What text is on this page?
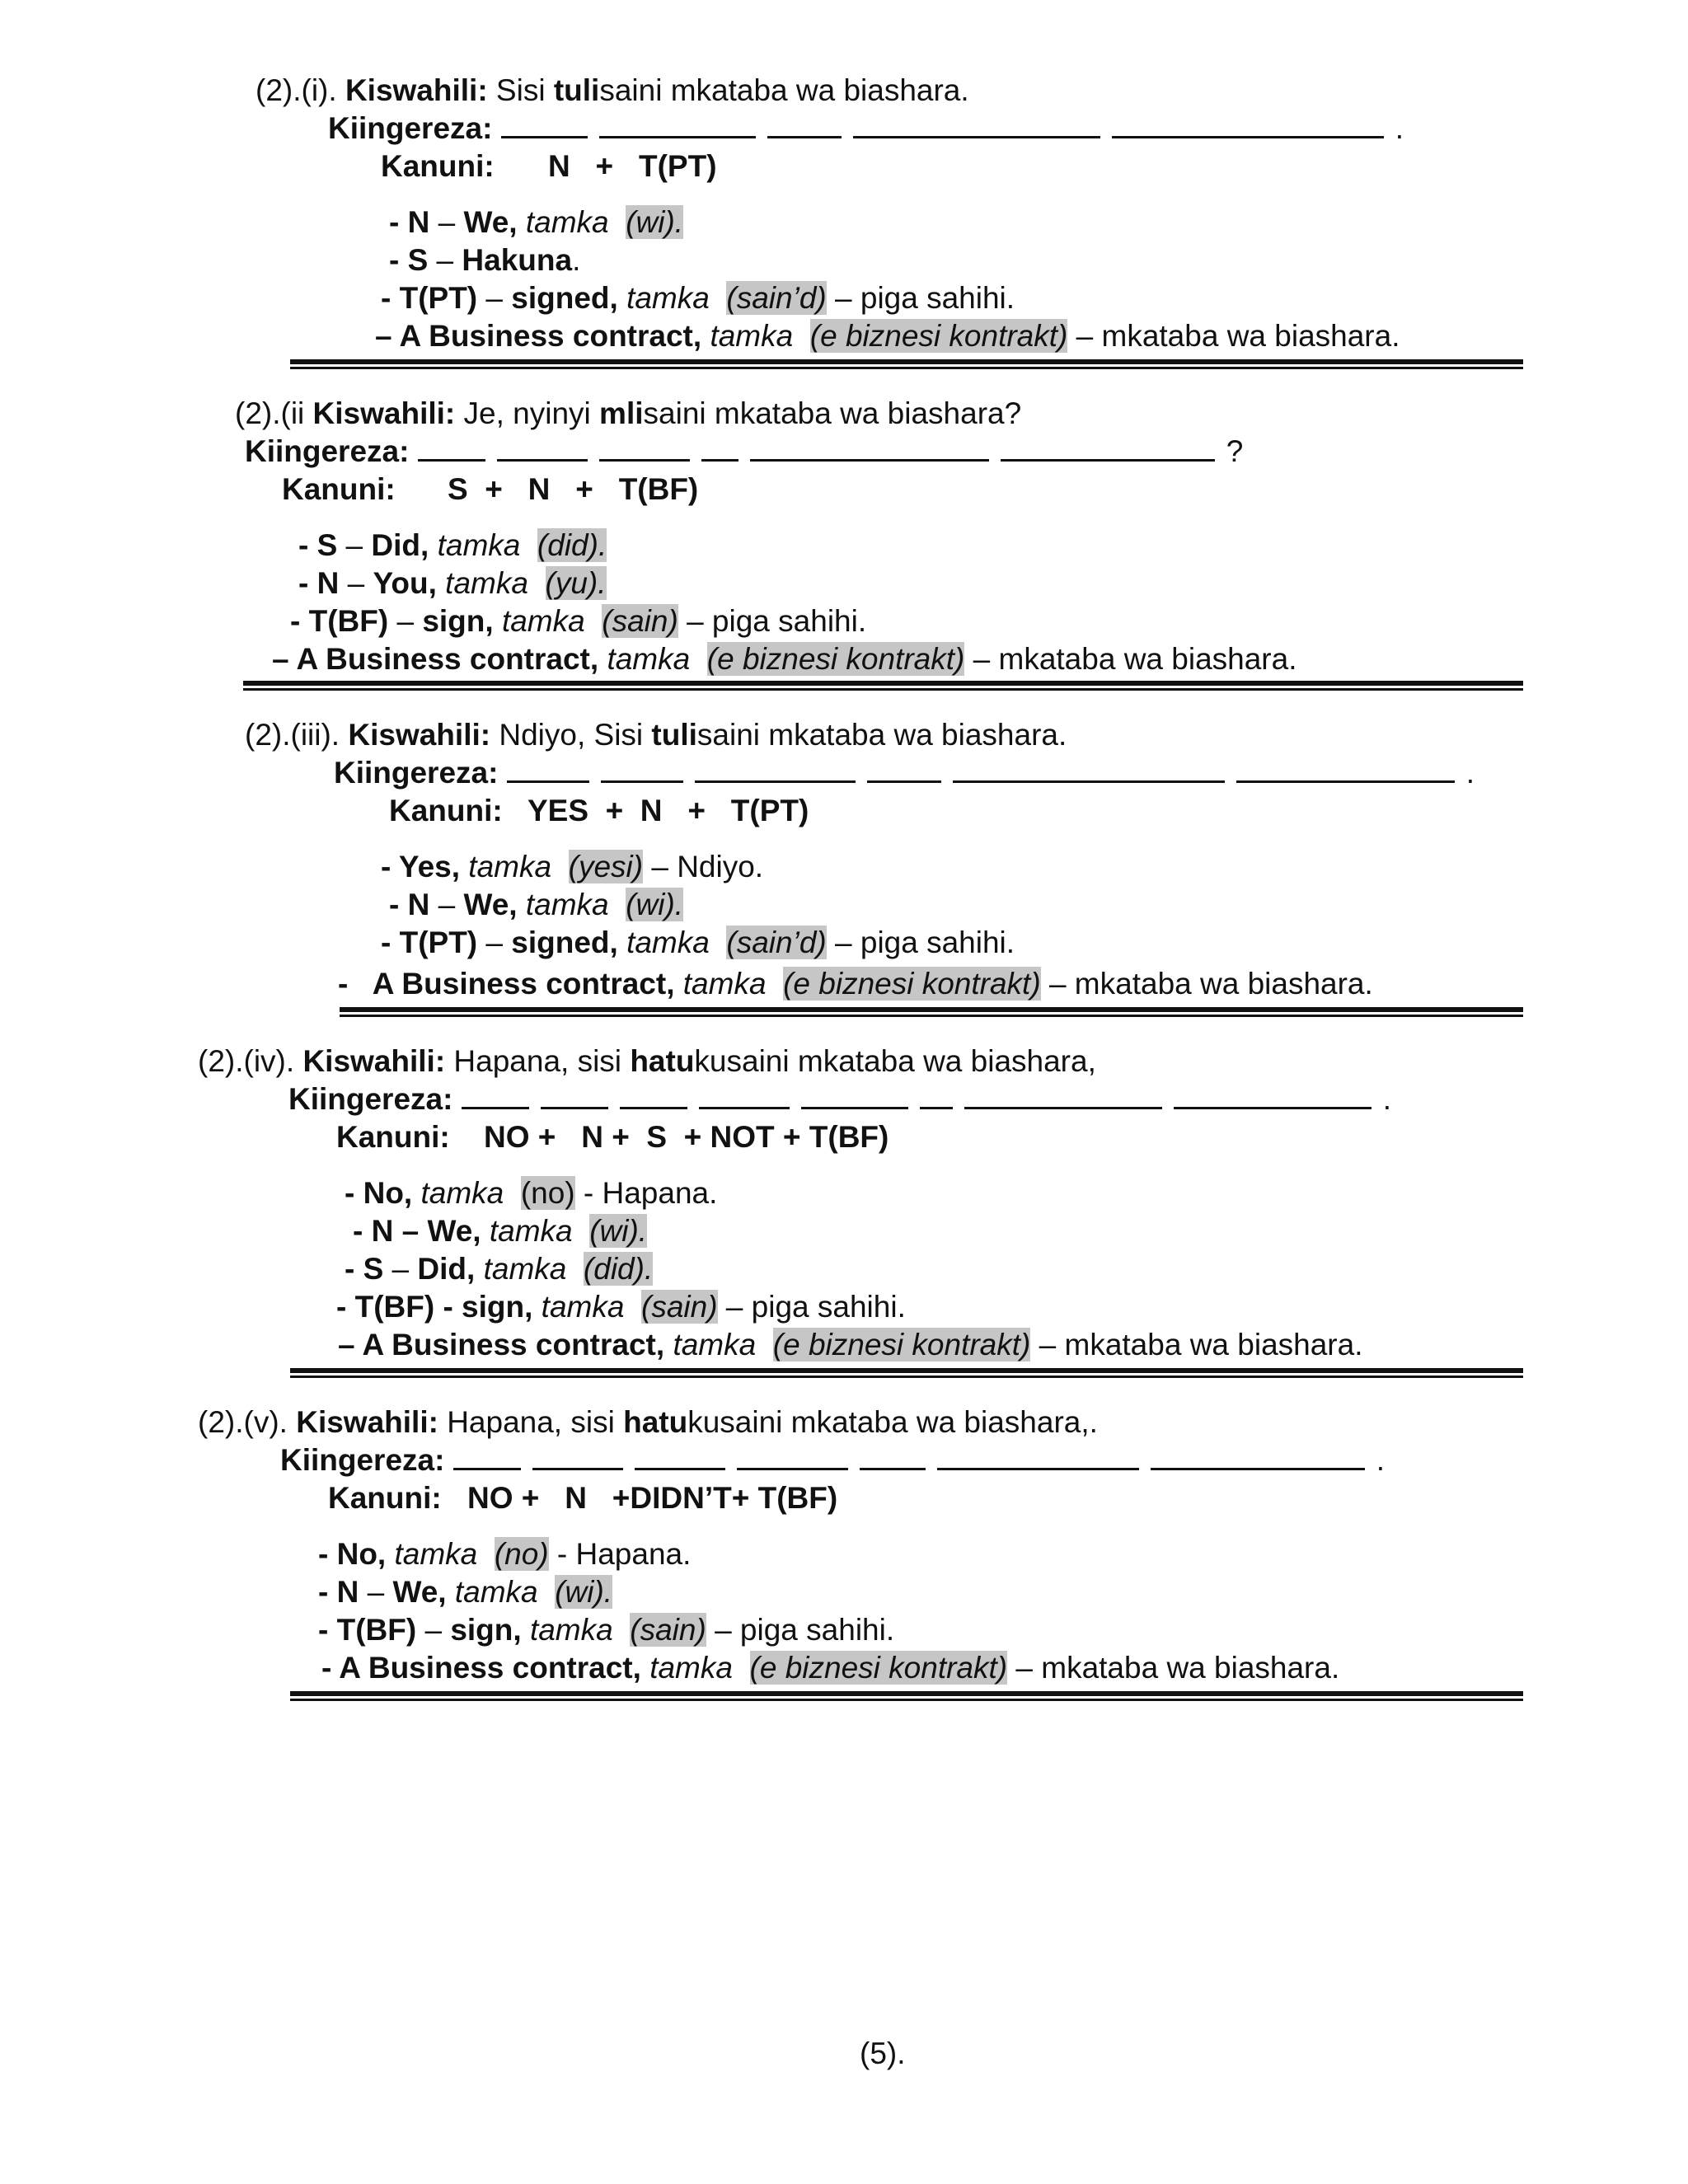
(2).(i). Kiswahili: Sisi tulisaini mkataba wa biashara.
Kiingereza:	.
Kanuni: N   +   T(PT)
- N – We, tamka (wi).
- S – Hakuna.
- T(PT) – signed, tamka (sain’d) – piga sahihi.
– A Business contract, tamka (e biznesi kontrakt) – mkataba wa biashara.
(2).(ii Kiswahili: Je, nyinyi mlisaini mkataba wa biashara?
Kiingereza:	?
Kanuni: S  +   N   +   T(BF)
- S – Did, tamka (did).
- N – You, tamka (yu).
- T(BF) – sign, tamka (sain) – piga sahihi.
– A Business contract, tamka (e biznesi kontrakt) – mkataba wa biashara.
(2).(iii). Kiswahili: Ndiyo, Sisi tulisaini mkataba wa biashara.
Kiingereza:	.
Kanuni: YES  +  N   +   T(PT)
- Yes, tamka (yesi) – Ndiyo.
- N – We, tamka (wi).
- T(PT) – signed, tamka (sain’d) – piga sahihi.
-   A Business contract, tamka (e biznesi kontrakt) – mkataba wa biashara.
(2).(iv). Kiswahili: Hapana, sisi hatukusaini mkataba wa biashara,
Kiingereza:	.
Kanuni: NO +   N +  S  + NOT + T(BF)
- No, tamka (no) - Hapana.
- N – We, tamka (wi).
- S – Did, tamka (did).
- T(BF) - sign, tamka (sain) – piga sahihi.
– A Business contract, tamka (e biznesi kontrakt) – mkataba wa biashara.
(2).(v). Kiswahili: Hapana, sisi hatukusaini mkataba wa biashara,.
Kiingereza:	.
Kanuni: NO +   N   +DIDN’T+ T(BF)
- No, tamka (no) - Hapana.
- N – We, tamka (wi).
- T(BF) – sign, tamka (sain) – piga sahihi.
- A Business contract, tamka (e biznesi kontrakt) – mkataba wa biashara.
(5).
